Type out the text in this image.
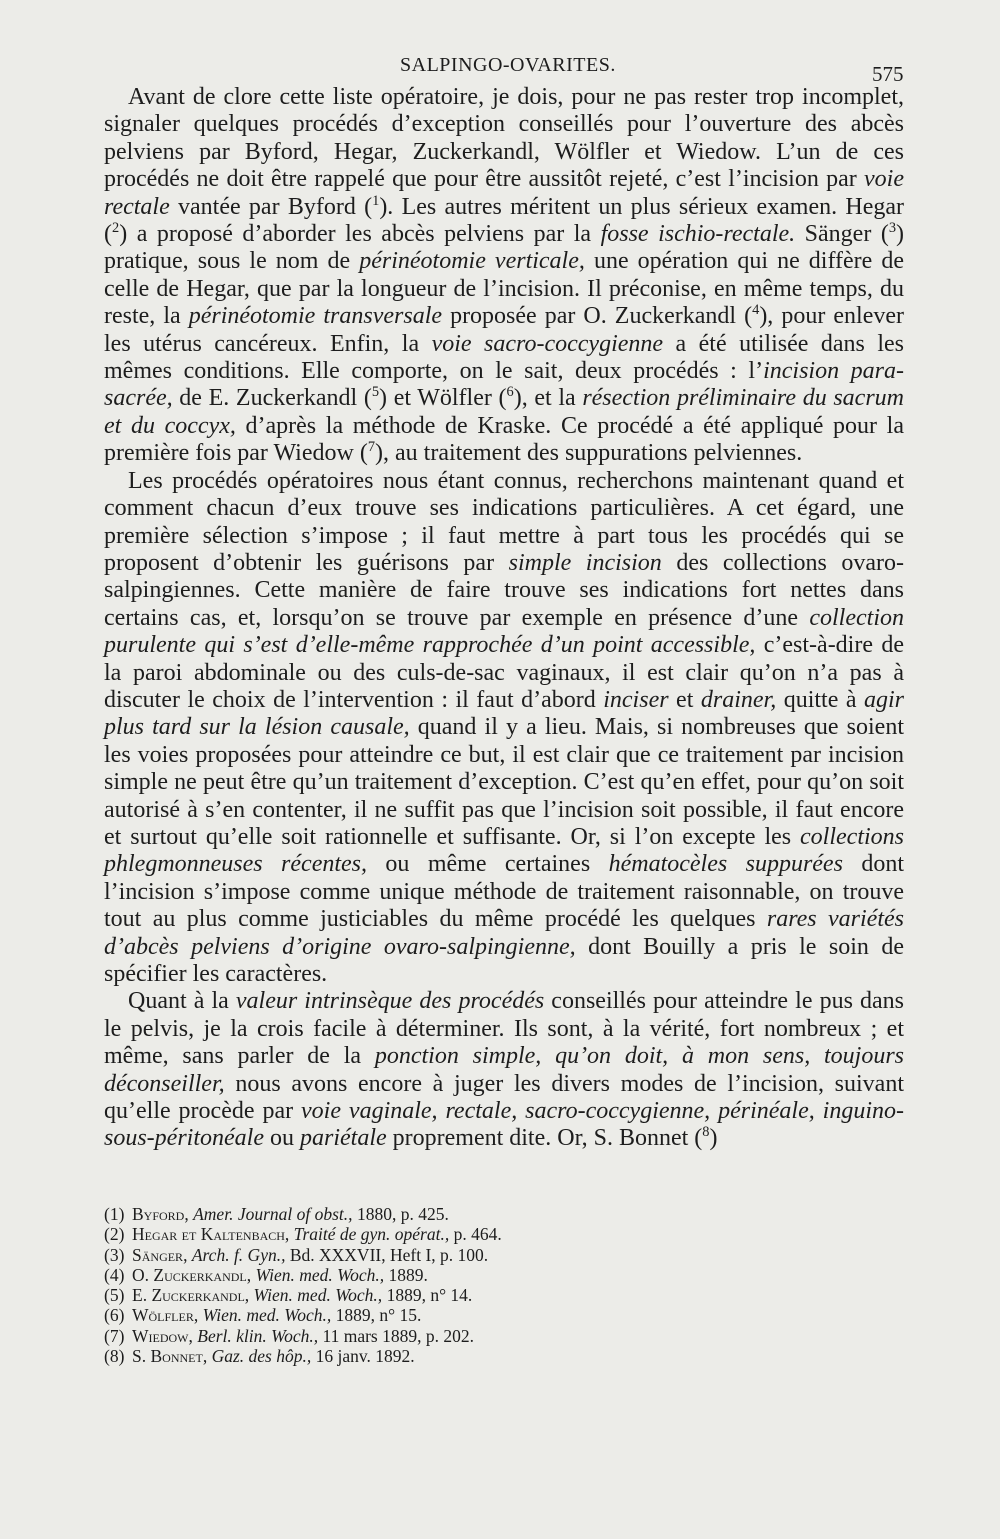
SALPINGO-OVARITES.	575

Avant de clore cette liste opératoire, je dois, pour ne pas rester trop incomplet, signaler quelques procédés d’exception conseillés pour l’ouverture des abcès pelviens par Byford, Hegar, Zuckerkandl, Wölfler et Wiedow. L’un de ces procédés ne doit être rappelé que pour être aussitôt rejeté, c’est l’incision par voie rectale vantée par Byford ($^1$). Les autres méritent un plus sérieux examen. Hegar ($^2$) a proposé d’aborder les abcès pelviens par la fosse ischio-rectale. Sänger ($^3$) pratique, sous le nom de périnéotomie verticale, une opération qui ne diffère de celle de Hegar, que par la longueur de l’incision. Il préconise, en même temps, du reste, la périnéotomie transversale proposée par O. Zuckerkandl ($^4$), pour enlever les utérus cancéreux. Enfin, la voie sacro-coccygienne a été utilisée dans les mêmes conditions. Elle comporte, on le sait, deux procédés : l’incision para-sacrée, de E. Zuckerkandl ($^5$) et Wölfler ($^6$), et la résection préliminaire du sacrum et du coccyx, d’après la méthode de Kraske. Ce procédé a été appliqué pour la première fois par Wiedow ($^7$), au traitement des suppurations pelviennes.

Les procédés opératoires nous étant connus, recherchons maintenant quand et comment chacun d’eux trouve ses indications particulières. A cet égard, une première sélection s’impose ; il faut mettre à part tous les procédés qui se proposent d’obtenir les guérisons par simple incision des collections ovaro-salpingiennes. Cette manière de faire trouve ses indications fort nettes dans certains cas, et, lorsqu’on se trouve par exemple en présence d’une collection purulente qui s’est d’elle-même rapprochée d’un point accessible, c’est-à-dire de la paroi abdominale ou des culs-de-sac vaginaux, il est clair qu’on n’a pas à discuter le choix de l’intervention : il faut d’abord inciser et drainer, quitte à agir plus tard sur la lésion causale, quand il y a lieu. Mais, si nombreuses que soient les voies proposées pour atteindre ce but, il est clair que ce traitement par incision simple ne peut être qu’un traitement d’exception. C’est qu’en effet, pour qu’on soit autorisé à s’en contenter, il ne suffit pas que l’incision soit possible, il faut encore et surtout qu’elle soit rationnelle et suffisante. Or, si l’on excepte les collections phlegmonneuses récentes, ou même certaines hématocèles suppurées dont l’incision s’impose comme unique méthode de traitement raisonnable, on trouve tout au plus comme justiciables du même procédé les quelques rares variétés d’abcès pelviens d’origine ovaro-salpingienne, dont Bouilly a pris le soin de spécifier les caractères.

Quant à la valeur intrinsèque des procédés conseillés pour atteindre le pus dans le pelvis, je la crois facile à déterminer. Ils sont, à la vérité, fort nombreux ; et même, sans parler de la ponction simple, qu’on doit, à mon sens, toujours déconseiller, nous avons encore à juger les divers modes de l’incision, suivant qu’elle procède par voie vaginale, rectale, sacro-coccygienne, périnéale, inguino-sous-péritonéale ou pariétale proprement dite. Or, S. Bonnet ($^8$)

(1) Byford, Amer. Journal of obst., 1880, p. 425.
(2) Hegar et Kaltenbach, Traité de gyn. opérat., p. 464.
(3) Sänger, Arch. f. Gyn., Bd. XXXVII, Heft I, p. 100.
(4) O. Zuckerkandl, Wien. med. Woch., 1889.
(5) E. Zuckerkandl, Wien. med. Woch., 1889, n° 14.
(6) Wölfler, Wien. med. Woch., 1889, n° 15.
(7) Wiedow, Berl. klin. Woch., 11 mars 1889, p. 202.
(8) S. Bonnet, Gaz. des hôp., 16 janv. 1892.
